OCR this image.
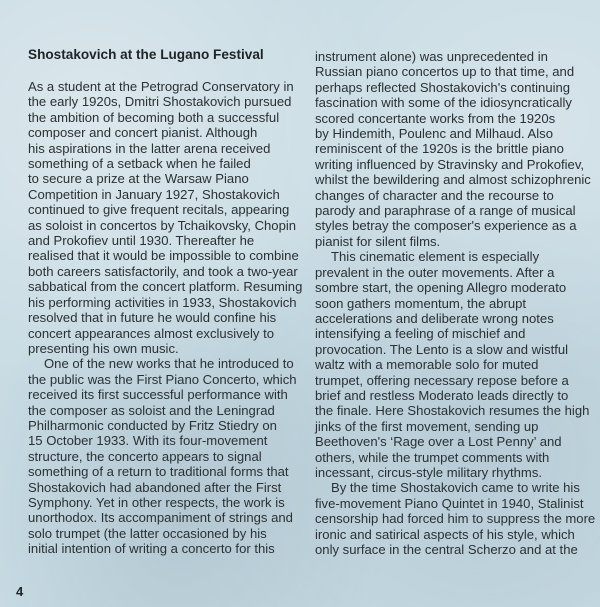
Shostakovich at the Lugano Festival
As a student at the Petrograd Conservatory in
the early 1920s, Dmitri Shostakovich pursued
the ambition of becoming both a successful
composer and concert pianist. Although
his aspirations in the latter arena received
something of a setback when he failed
to secure a prize at the Warsaw Piano
Competition in January 1927, Shostakovich
continued to give frequent recitals, appearing
as soloist in concertos by Tchaikovsky, Chopin
and Prokofiev until 1930. Thereafter he
realised that it would be impossible to combine
both careers satisfactorily, and took a two-year
sabbatical from the concert platform. Resuming
his performing activities in 1933, Shostakovich
resolved that in future he would confine his
concert appearances almost exclusively to
presenting his own music.
One of the new works that he introduced to
the public was the First Piano Concerto, which
received its first successful performance with
the composer as soloist and the Leningrad
Philharmonic conducted by Fritz Stiedry on
15 October 1933. With its four-movement
structure, the concerto appears to signal
something of a return to traditional forms that
Shostakovich had abandoned after the First
Symphony. Yet in other respects, the work is
unorthodox. Its accompaniment of strings and
solo trumpet (the latter occasioned by his
initial intention of writing a concerto for this
instrument alone) was unprecedented in
Russian piano concertos up to that time, and
perhaps reflected Shostakovich's continuing
fascination with some of the idiosyncratically
scored concertante works from the 1920s
by Hindemith, Poulenc and Milhaud. Also
reminiscent of the 1920s is the brittle piano
writing influenced by Stravinsky and Prokofiev,
whilst the bewildering and almost schizophrenic
changes of character and the recourse to
parody and paraphrase of a range of musical
styles betray the composer's experience as a
pianist for silent films.
This cinematic element is especially
prevalent in the outer movements. After a
sombre start, the opening Allegro moderato
soon gathers momentum, the abrupt
accelerations and deliberate wrong notes
intensifying a feeling of mischief and
provocation. The Lento is a slow and wistful
waltz with a memorable solo for muted
trumpet, offering necessary repose before a
brief and restless Moderato leads directly to
the finale. Here Shostakovich resumes the high
jinks of the first movement, sending up
Beethoven's ‘Rage over a Lost Penny’ and
others, while the trumpet comments with
incessant, circus-style military rhythms.
By the time Shostakovich came to write his
five-movement Piano Quintet in 1940, Stalinist
censorship had forced him to suppress the more
ironic and satirical aspects of his style, which
only surface in the central Scherzo and at the
4
